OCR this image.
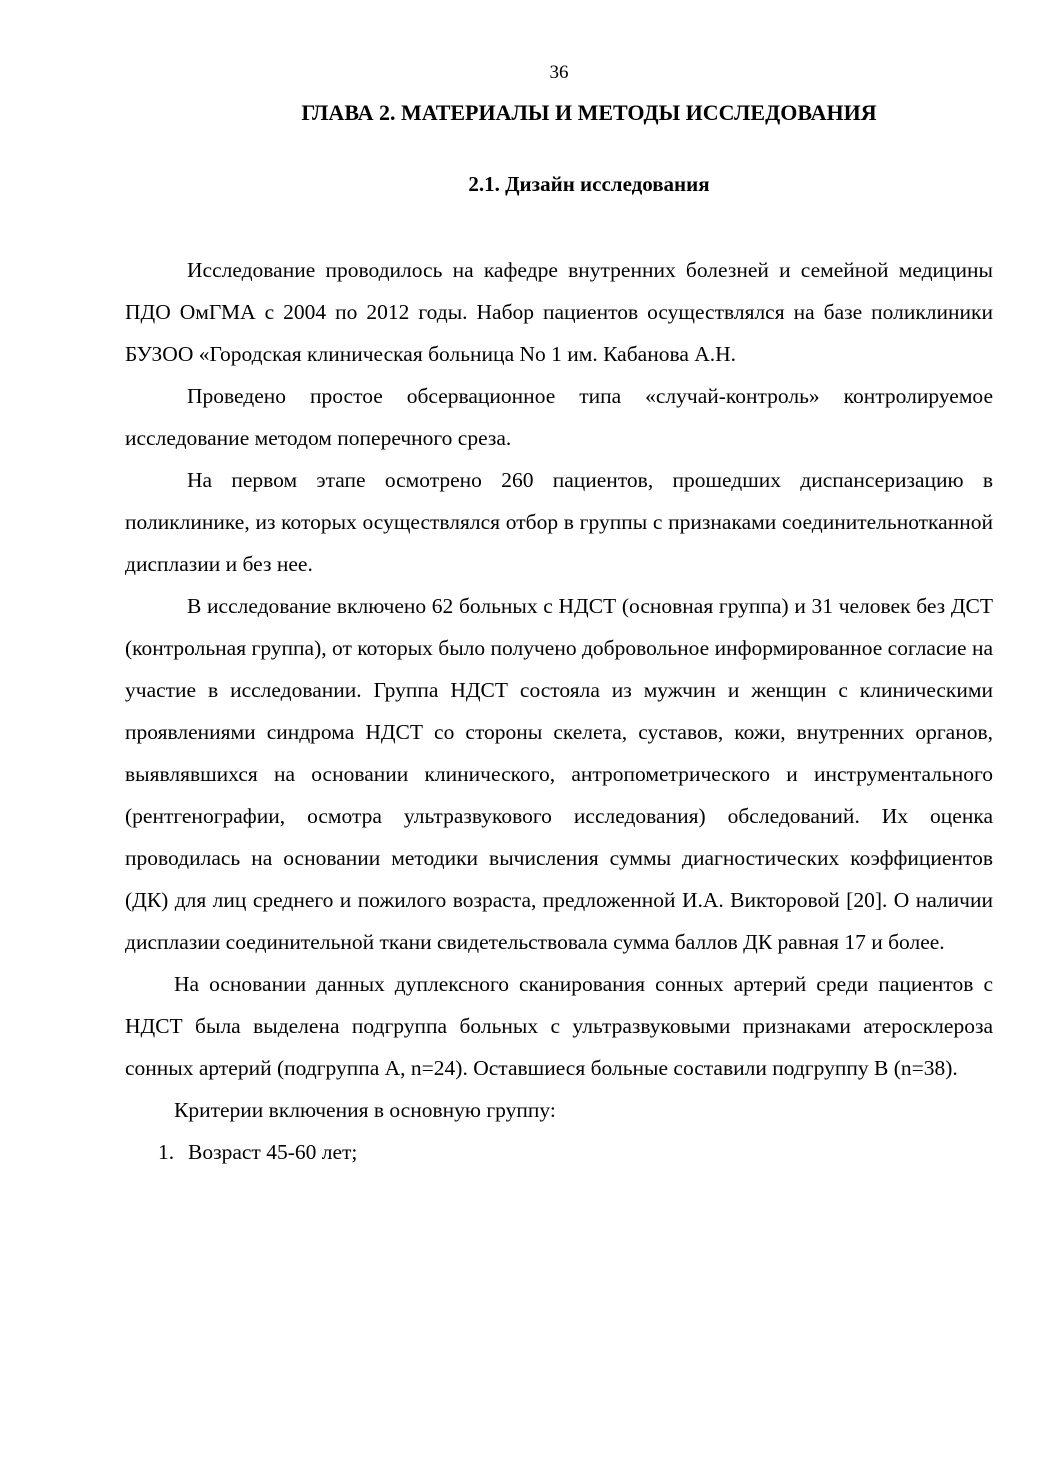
36
ГЛАВА 2. МАТЕРИАЛЫ И МЕТОДЫ ИССЛЕДОВАНИЯ
2.1. Дизайн исследования

Исследование проводилось на кафедре внутренних болезней и семейной медицины ПДО ОмГМА с 2004 по 2012 годы. Набор пациентов осуществлялся на базе поликлиники БУЗОО «Городская клиническая больница No 1 им. Кабанова А.Н.

Проведено простое обсервационное типа «случай-контроль» контролируемое исследование методом поперечного среза.

На первом этапе осмотрено 260 пациентов, прошедших диспансеризацию в поликлинике, из которых осуществлялся отбор в группы с признаками соединительнотканной дисплазии и без нее.

В исследование включено 62 больных с НДСТ (основная группа) и 31 человек без ДСТ (контрольная группа), от которых было получено добровольное информированное согласие на участие в исследовании. Группа НДСТ состояла из мужчин и женщин с клиническими проявлениями синдрома НДСТ со стороны скелета, суставов, кожи, внутренних органов, выявлявшихся на основании клинического, антропометрического и инструментального (рентгенографии, осмотра ультразвукового исследования) обследований. Их оценка проводилась на основании методики вычисления суммы диагностических коэффициентов (ДК) для лиц среднего и пожилого возраста, предложенной И.А. Викторовой [20]. О наличии дисплазии соединительной ткани свидетельствовала сумма баллов ДК равная 17 и более.

На основании данных дуплексного сканирования сонных артерий среди пациентов с НДСТ была выделена подгруппа больных с ультразвуковыми признаками атеросклероза сонных артерий (подгруппа А, n=24). Оставшиеся больные составили подгруппу В (n=38).

Критерии включения в основную группу:

1. Возраст 45-60 лет;
